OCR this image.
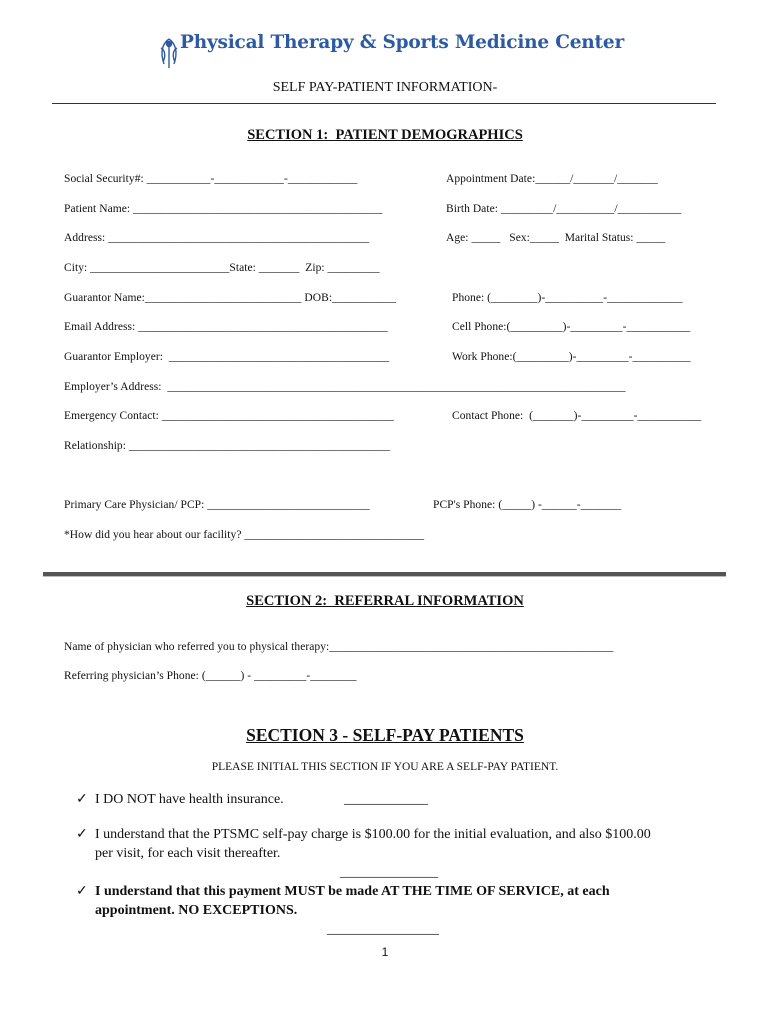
Physical Therapy & Sports Medicine Center
SELF PAY-PATIENT INFORMATION-
SECTION 1:  PATIENT DEMOGRAPHICS
Social Security#: ___________-____________-____________	Appointment Date:______/_______/_______
Patient Name: ___________________________________________	Birth Date: _________/__________/___________
Address: _____________________________________________	Age: _____   Sex:_____  Marital Status: _____
City: ________________________State: _______  Zip: _________
Guarantor Name:___________________________ DOB:___________	Phone: (________)-__________-_____________
Email Address: ___________________________________________	Cell Phone:(_________)-_________-___________
Guarantor Employer:  ______________________________________	Work Phone:(_________)-_________-__________
Employer’s Address:  _______________________________________________________________________________
Emergency Contact: ________________________________________	Contact Phone:  (_______)-_________-___________
Relationship: _____________________________________________
Primary Care Physician/ PCP: ____________________________	PCP's Phone: (_____) -______-_______
*How did you hear about our facility? _______________________________
SECTION 2:  REFERRAL INFORMATION
Name of physician who referred you to physical therapy:_________________________________________________
Referring physician’s Phone: (______) - _________-________
SECTION 3 - SELF-PAY PATIENTS
PLEASE INITIAL THIS SECTION IF YOU ARE A SELF-PAY PATIENT.
✓ I DO NOT have health insurance.	____________
✓ I understand that the PTSMC self-pay charge is $100.00 for the initial evaluation, and also $100.00
per visit, for each visit thereafter.
______________
✓ I understand that this payment MUST be made AT THE TIME OF SERVICE, at each
appointment. NO EXCEPTIONS.
________________
1
